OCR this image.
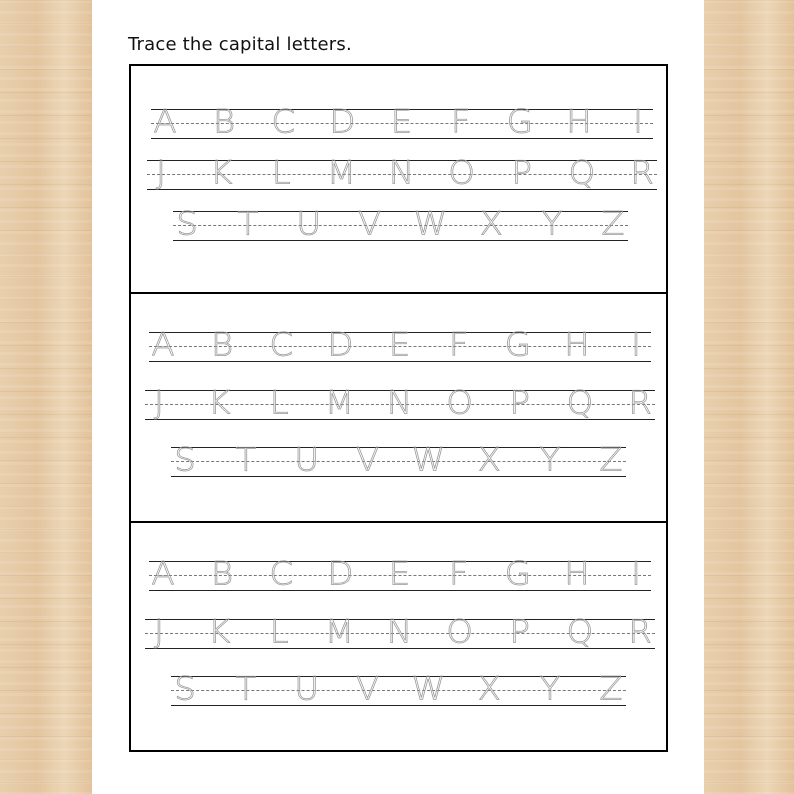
Trace the capital letters.
A B C D E F G H I
J K L M N O P Q R
S T U V W X Y Z
A B C D E F G H I
J K L M N O P Q R
S T U V W X Y Z
A B C D E F G H I
J K L M N O P Q R
S T U V W X Y Z
